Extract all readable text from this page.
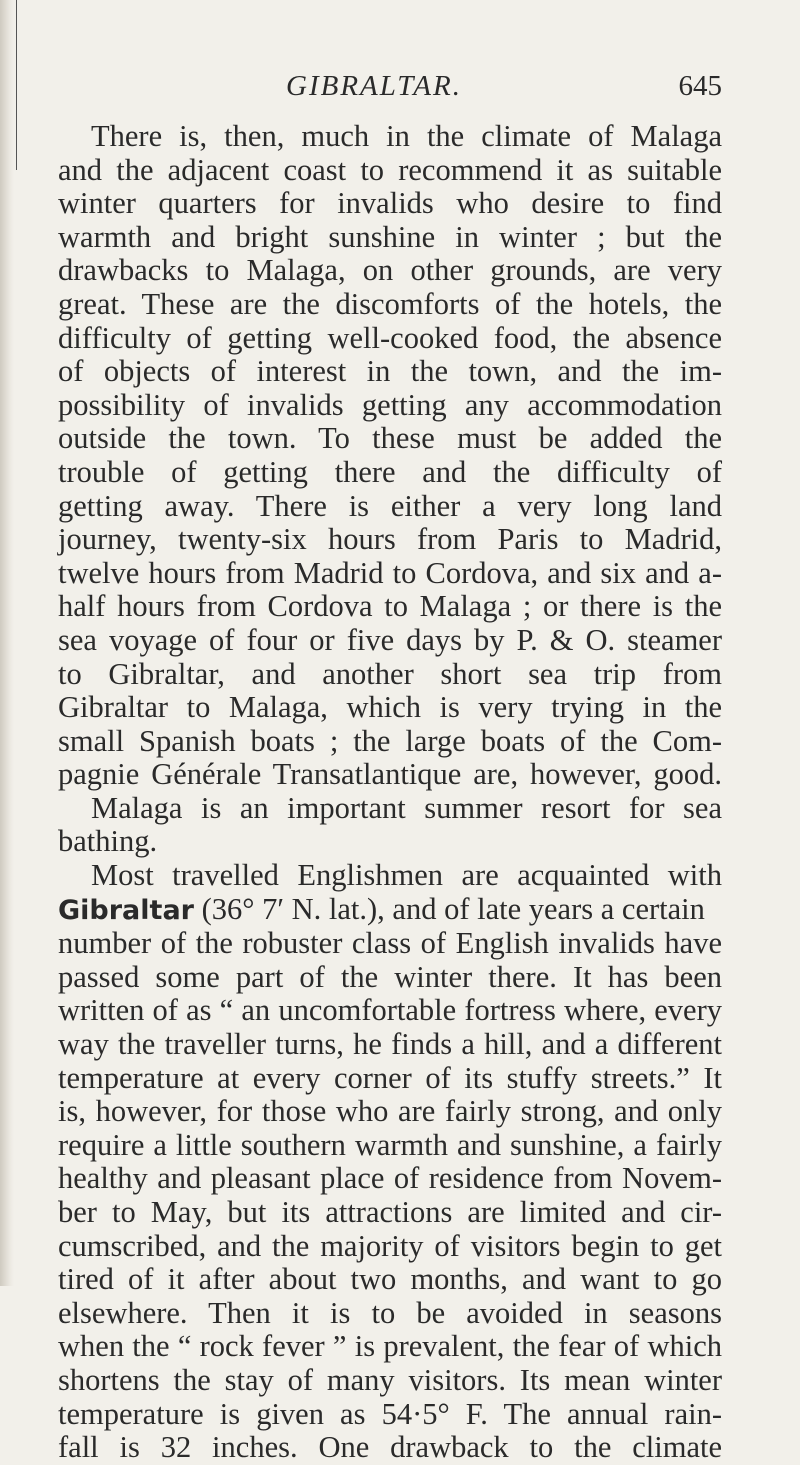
GIBRALTAR.	645
There is, then, much in the climate of Malaga
and the adjacent coast to recommend it as suitable
winter quarters for invalids who desire to find
warmth and bright sunshine in winter ; but the
drawbacks to Malaga, on other grounds, are very
great. These are the discomforts of the hotels, the
difficulty of getting well-cooked food, the absence
of objects of interest in the town, and the im-
possibility of invalids getting any accommodation
outside the town. To these must be added the
trouble of getting there and the difficulty of
getting away. There is either a very long land
journey, twenty-six hours from Paris to Madrid,
twelve hours from Madrid to Cordova, and six and a-
half hours from Cordova to Malaga ; or there is the
sea voyage of four or five days by P. & O. steamer
to Gibraltar, and another short sea trip from
Gibraltar to Malaga, which is very trying in the
small Spanish boats ; the large boats of the Com-
pagnie Générale Transatlantique are, however, good.
Malaga is an important summer resort for sea
bathing.
Most travelled Englishmen are acquainted with
Gibraltar (36° 7′ N. lat.), and of late years a certain
number of the robuster class of English invalids have
passed some part of the winter there. It has been
written of as “ an uncomfortable fortress where, every
way the traveller turns, he finds a hill, and a different
temperature at every corner of its stuffy streets.” It
is, however, for those who are fairly strong, and only
require a little southern warmth and sunshine, a fairly
healthy and pleasant place of residence from Novem-
ber to May, but its attractions are limited and cir-
cumscribed, and the majority of visitors begin to get
tired of it after about two months, and want to go
elsewhere. Then it is to be avoided in seasons
when the “ rock fever ” is prevalent, the fear of which
shortens the stay of many visitors. Its mean winter
temperature is given as 54·5° F. The annual rain-
fall is 32 inches. One drawback to the climate
